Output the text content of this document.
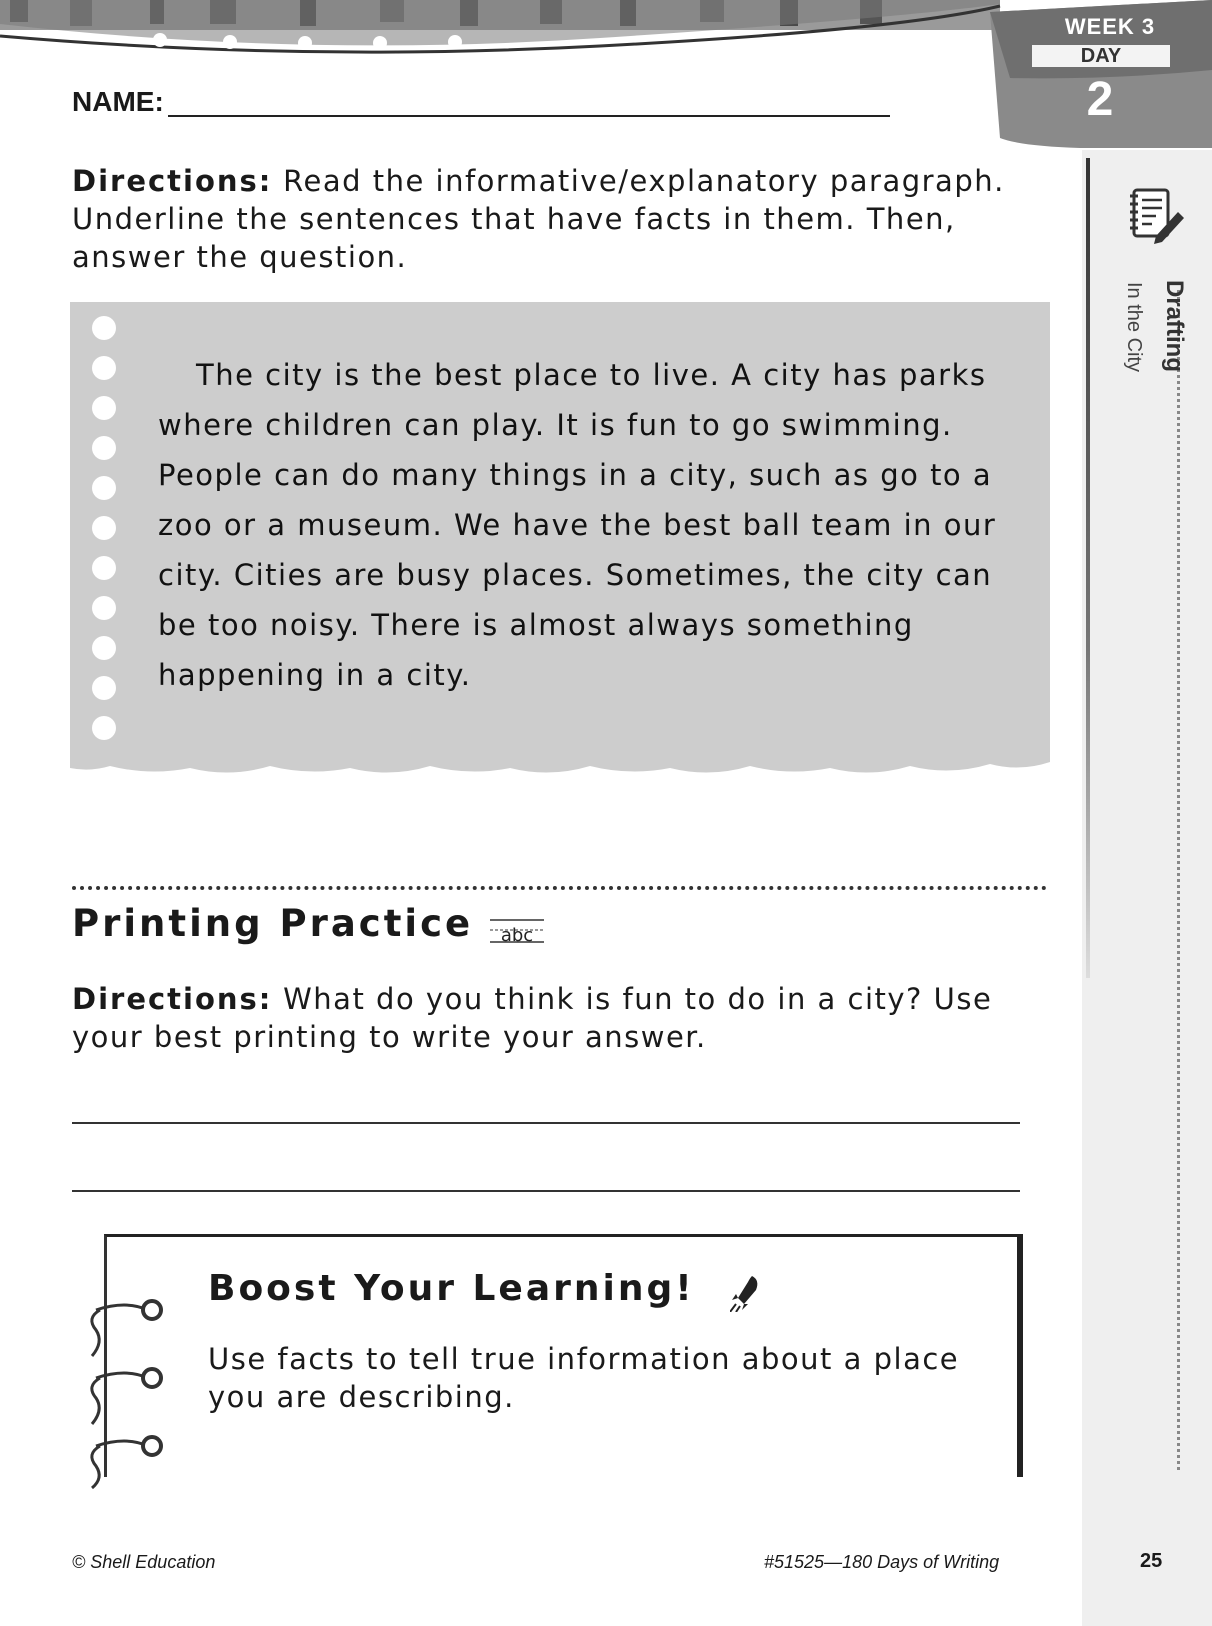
WEEK 3
DAY
2
Drafting
In the City
NAME:

Directions: Read the informative/explanatory paragraph. Underline the sentences that have facts in them. Then, answer the question.

The city is the best place to live. A city has parks where children can play. It is fun to go swimming. People can do many things in a city, such as go to a zoo or a museum. We have the best ball team in our city. Cities are busy places. Sometimes, the city can be too noisy. There is almost always something happening in a city.

Printing Practice abc

Directions: What do you think is fun to do in a city? Use your best printing to write your answer.

Boost Your Learning!

Use facts to tell true information about a place you are describing.

© Shell Education	#51525—180 Days of Writing	25
